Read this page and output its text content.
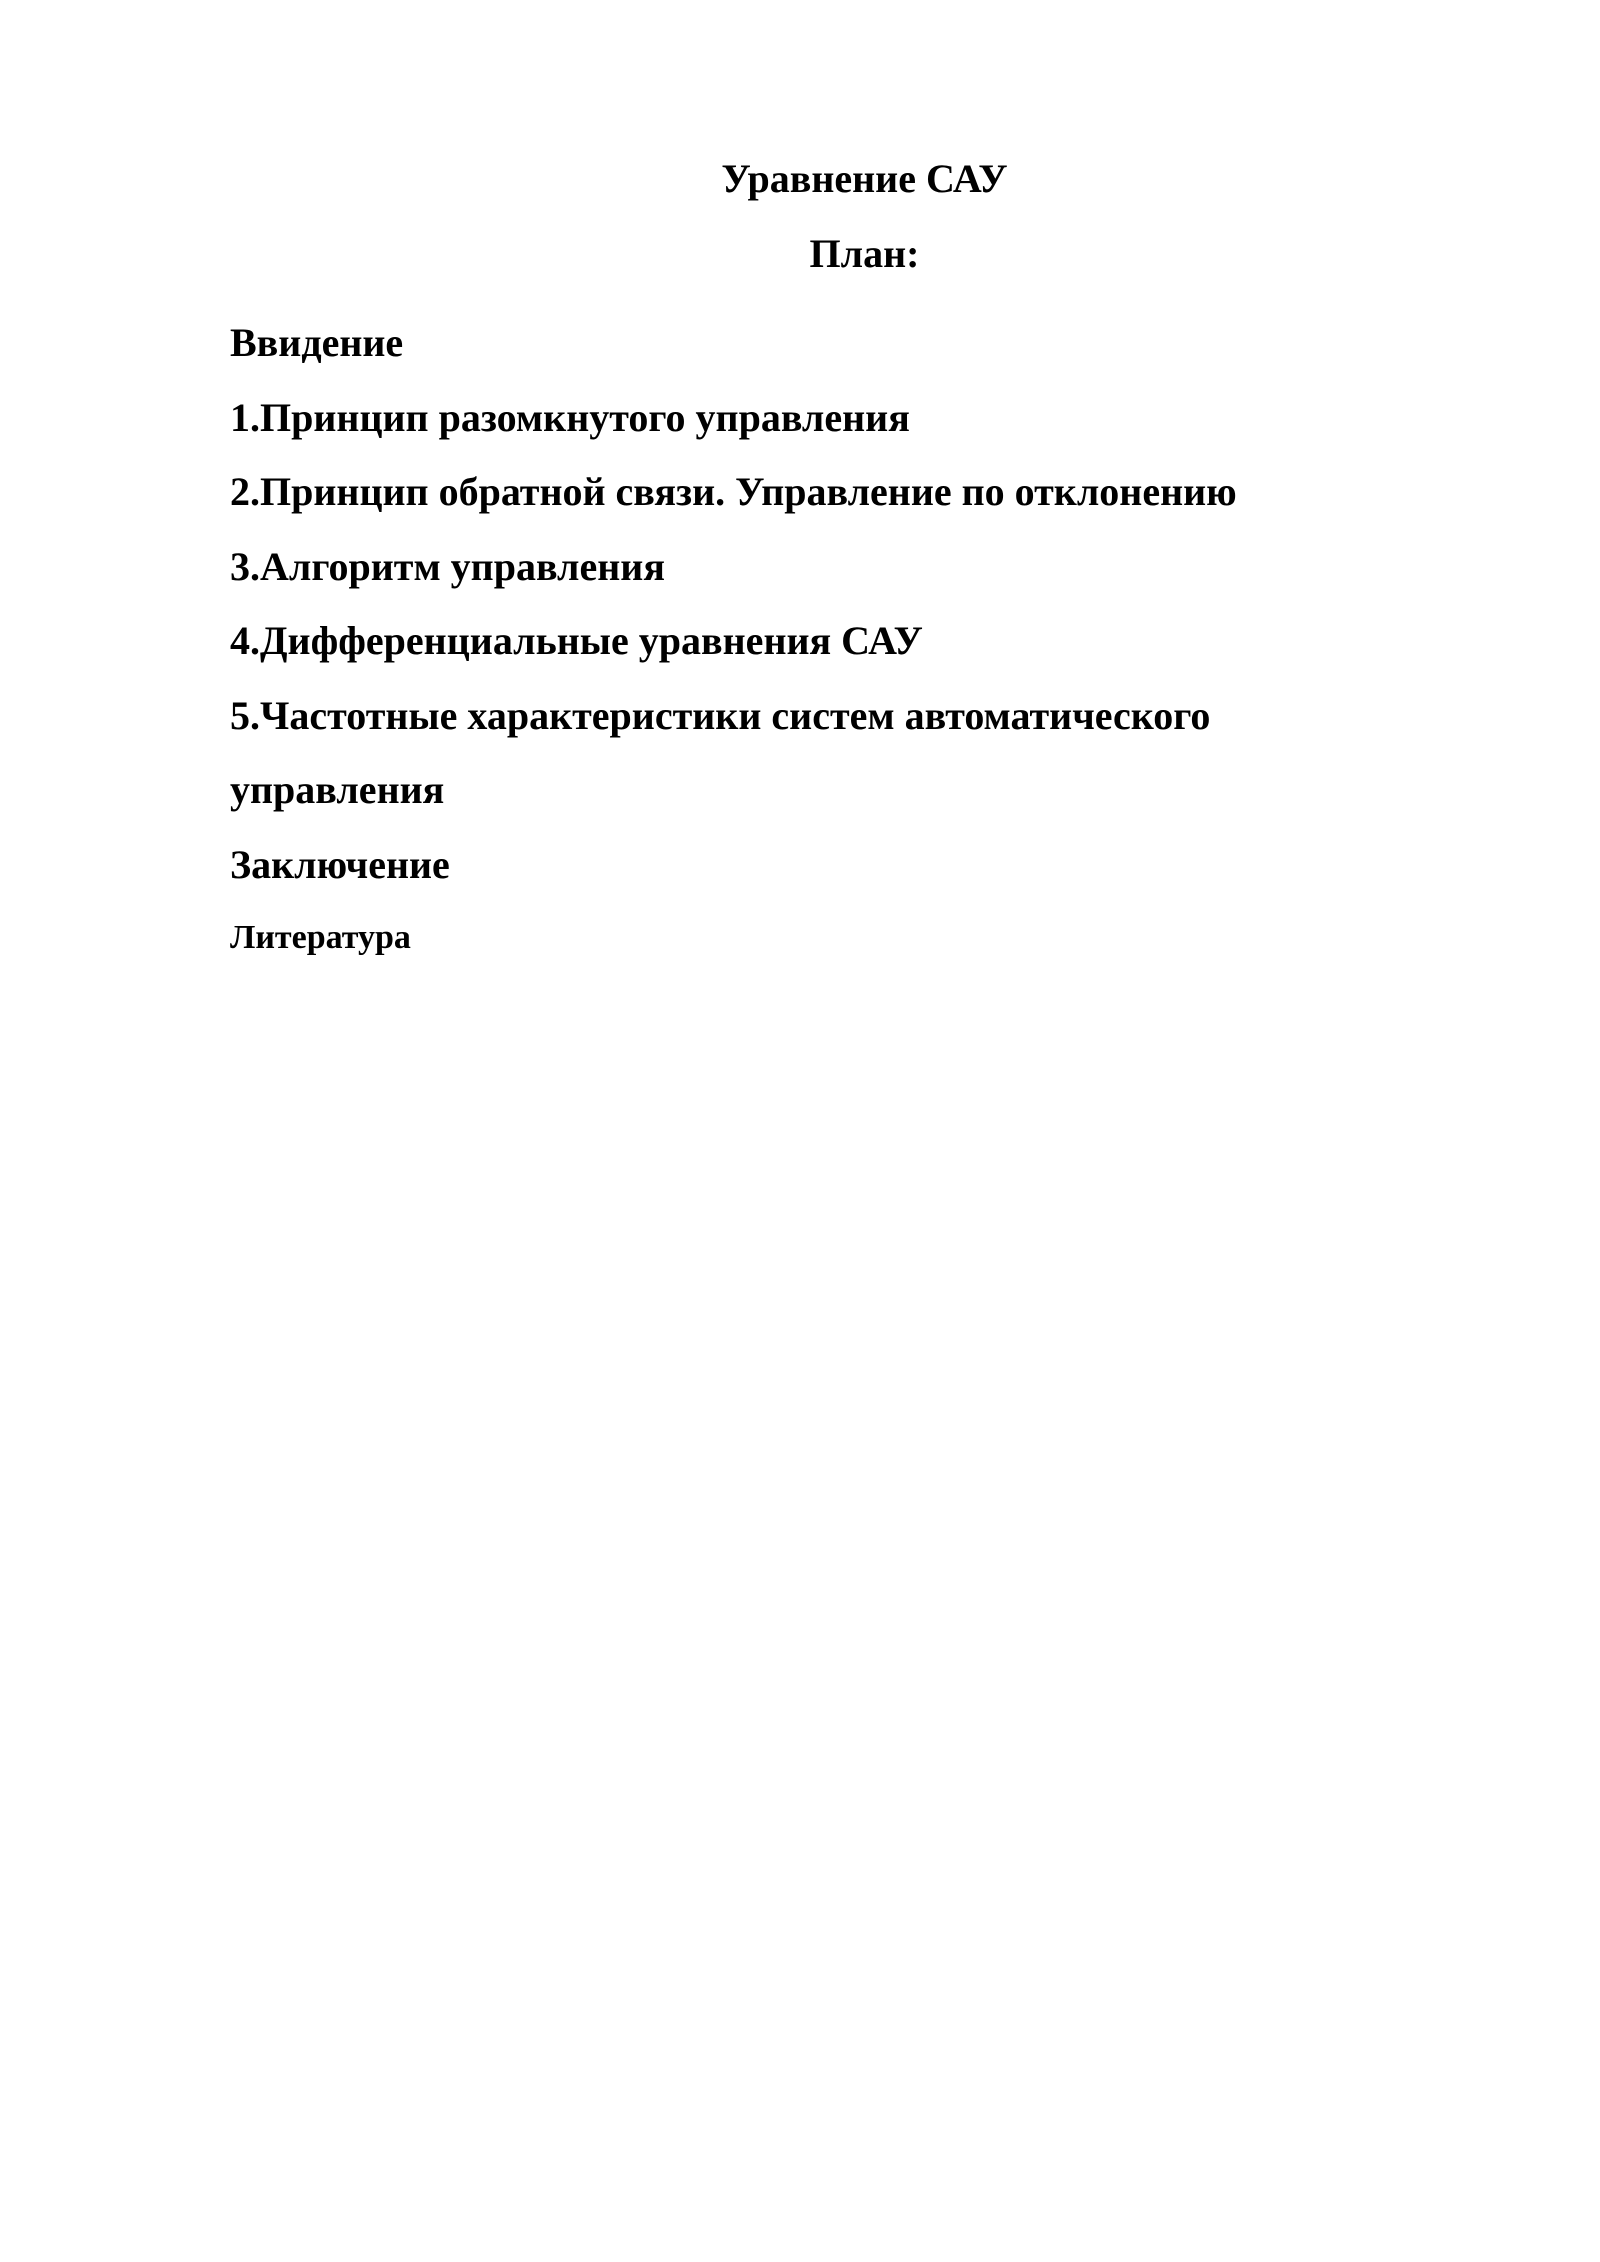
Уравнение САУ
План:
Ввидение
1.Принцип разомкнутого управления
2.Принцип обратной связи. Управление по отклонению
3.Алгоритм управления
4.Дифференциальные уравнения САУ
5.Частотные характеристики систем автоматического
управления
Заключение
Литература
